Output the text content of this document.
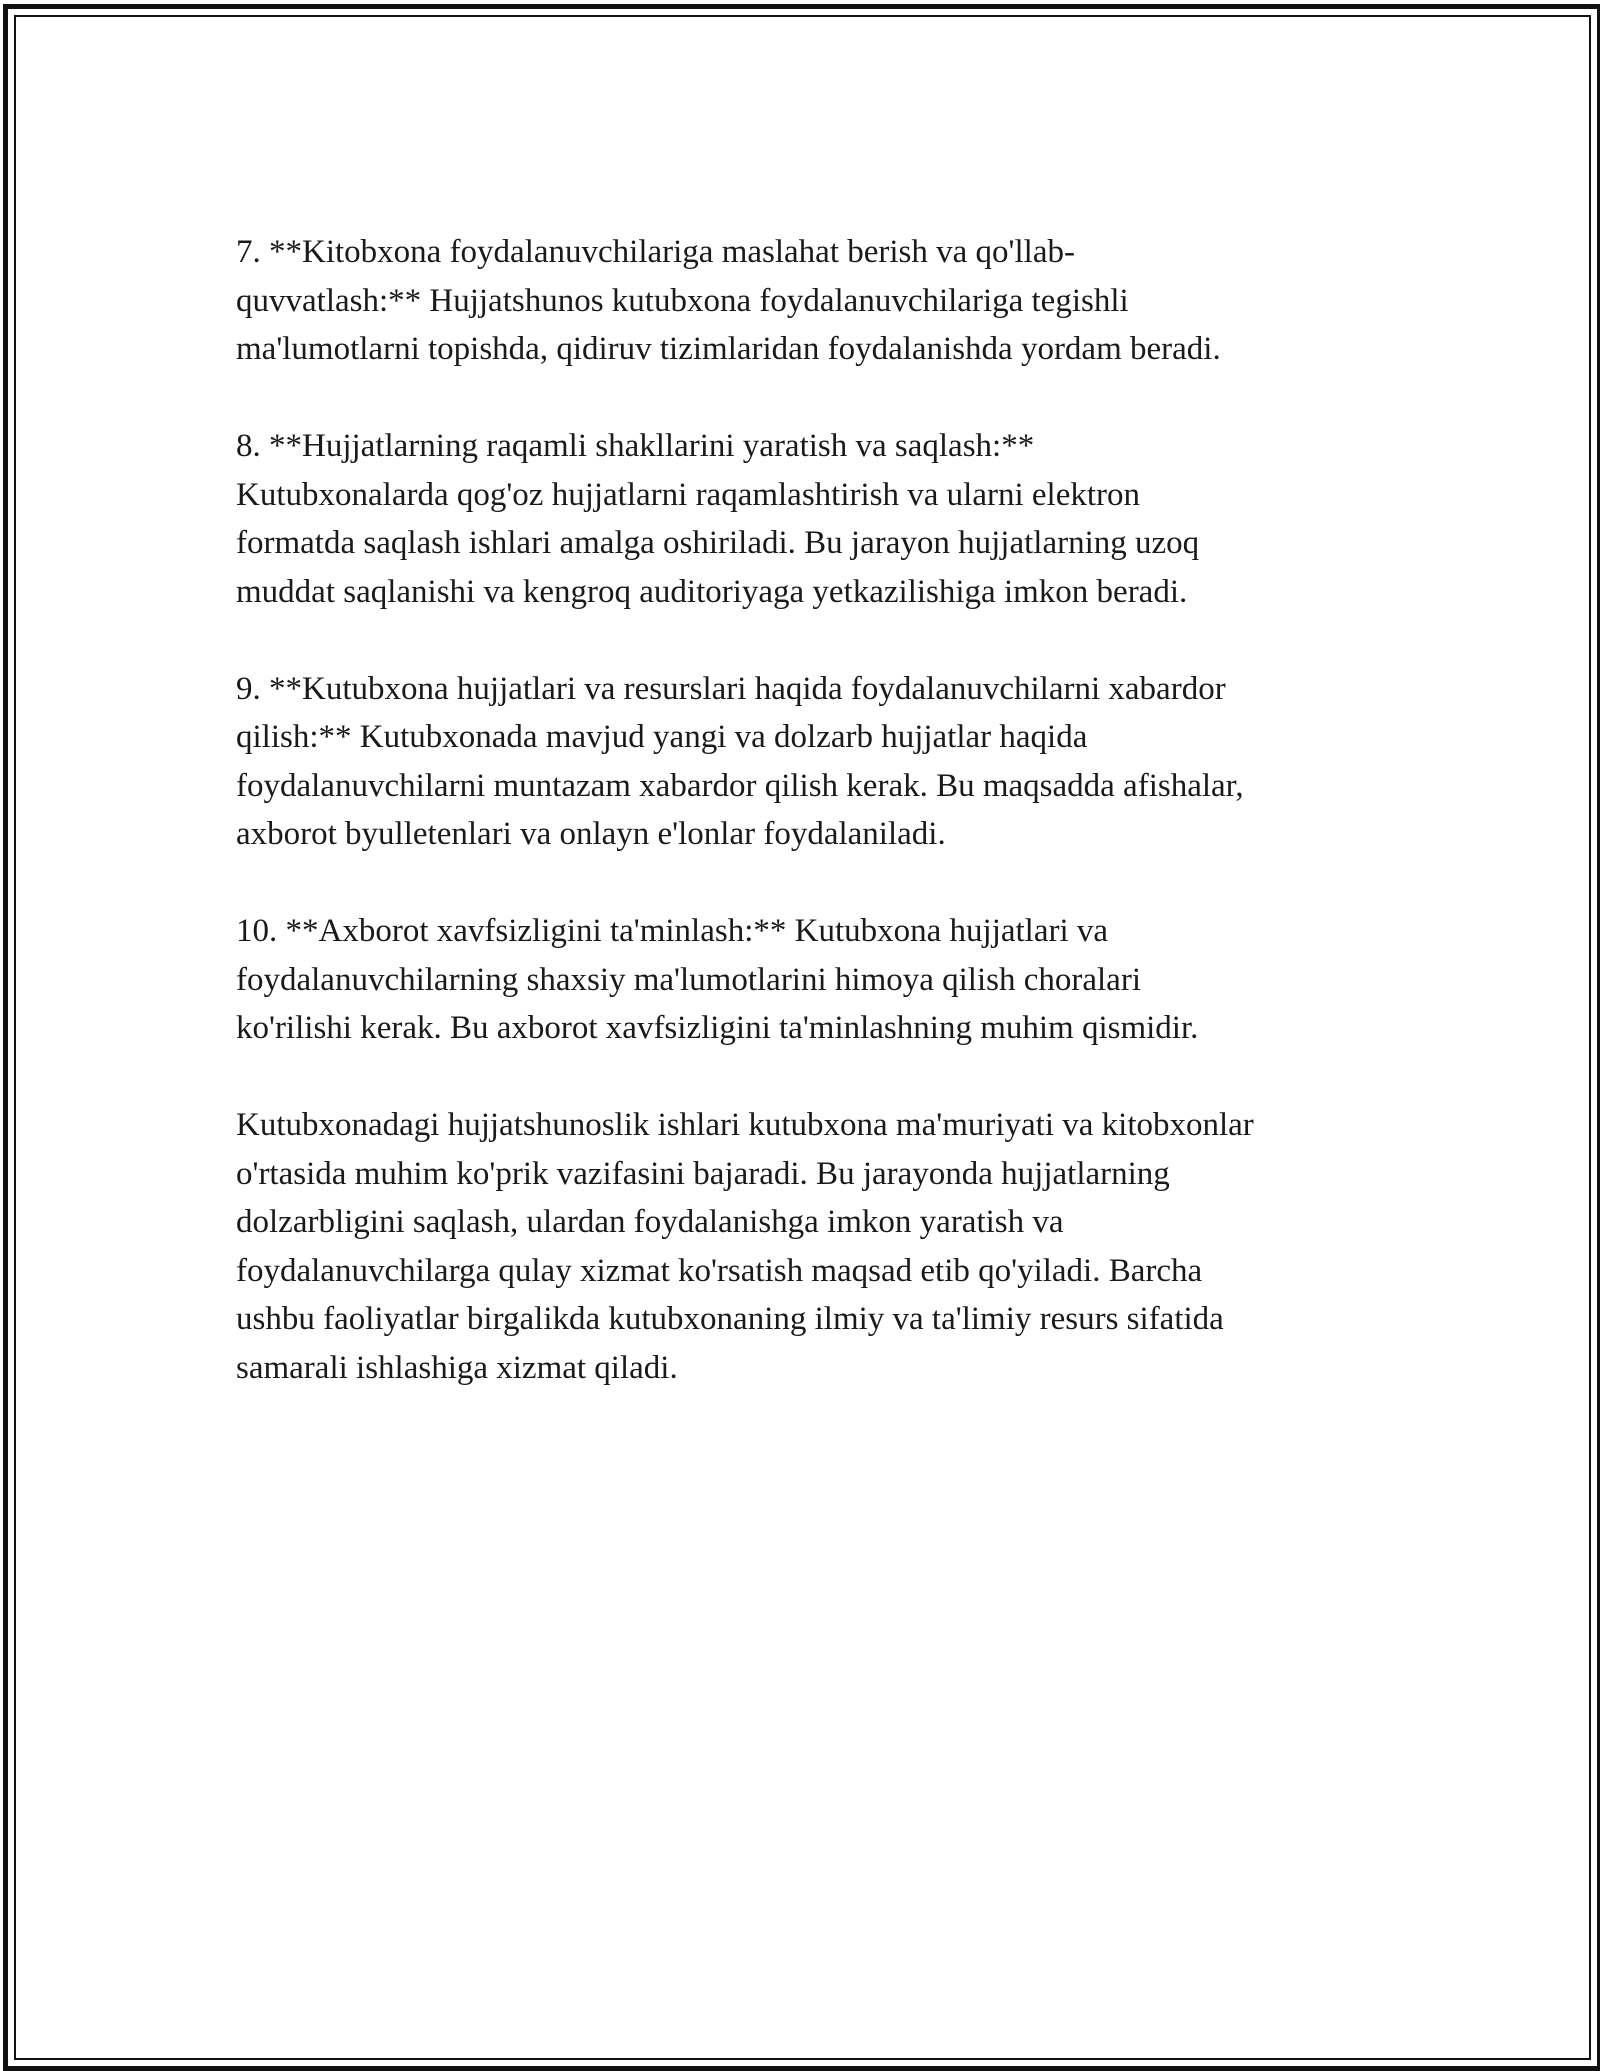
7. **Kitobxona foydalanuvchilariga maslahat berish va qo'llab-
quvvatlash:** Hujjatshunos kutubxona foydalanuvchilariga tegishli
ma'lumotlarni topishda, qidiruv tizimlaridan foydalanishda yordam beradi.

8. **Hujjatlarning raqamli shakllarini yaratish va saqlash:**
Kutubxonalarda qog'oz hujjatlarni raqamlashtirish va ularni elektron
formatda saqlash ishlari amalga oshiriladi. Bu jarayon hujjatlarning uzoq
muddat saqlanishi va kengroq auditoriyaga yetkazilishiga imkon beradi.

9. **Kutubxona hujjatlari va resurslari haqida foydalanuvchilarni xabardor
qilish:** Kutubxonada mavjud yangi va dolzarb hujjatlar haqida
foydalanuvchilarni muntazam xabardor qilish kerak. Bu maqsadda afishalar,
axborot byulletenlari va onlayn e'lonlar foydalaniladi.

10. **Axborot xavfsizligini ta'minlash:** Kutubxona hujjatlari va
foydalanuvchilarning shaxsiy ma'lumotlarini himoya qilish choralari
ko'rilishi kerak. Bu axborot xavfsizligini ta'minlashning muhim qismidir.

Kutubxonadagi hujjatshunoslik ishlari kutubxona ma'muriyati va kitobxonlar
o'rtasida muhim ko'prik vazifasini bajaradi. Bu jarayonda hujjatlarning
dolzarbligini saqlash, ulardan foydalanishga imkon yaratish va
foydalanuvchilarga qulay xizmat ko'rsatish maqsad etib qo'yiladi. Barcha
ushbu faoliyatlar birgalikda kutubxonaning ilmiy va ta'limiy resurs sifatida
samarali ishlashiga xizmat qiladi.
